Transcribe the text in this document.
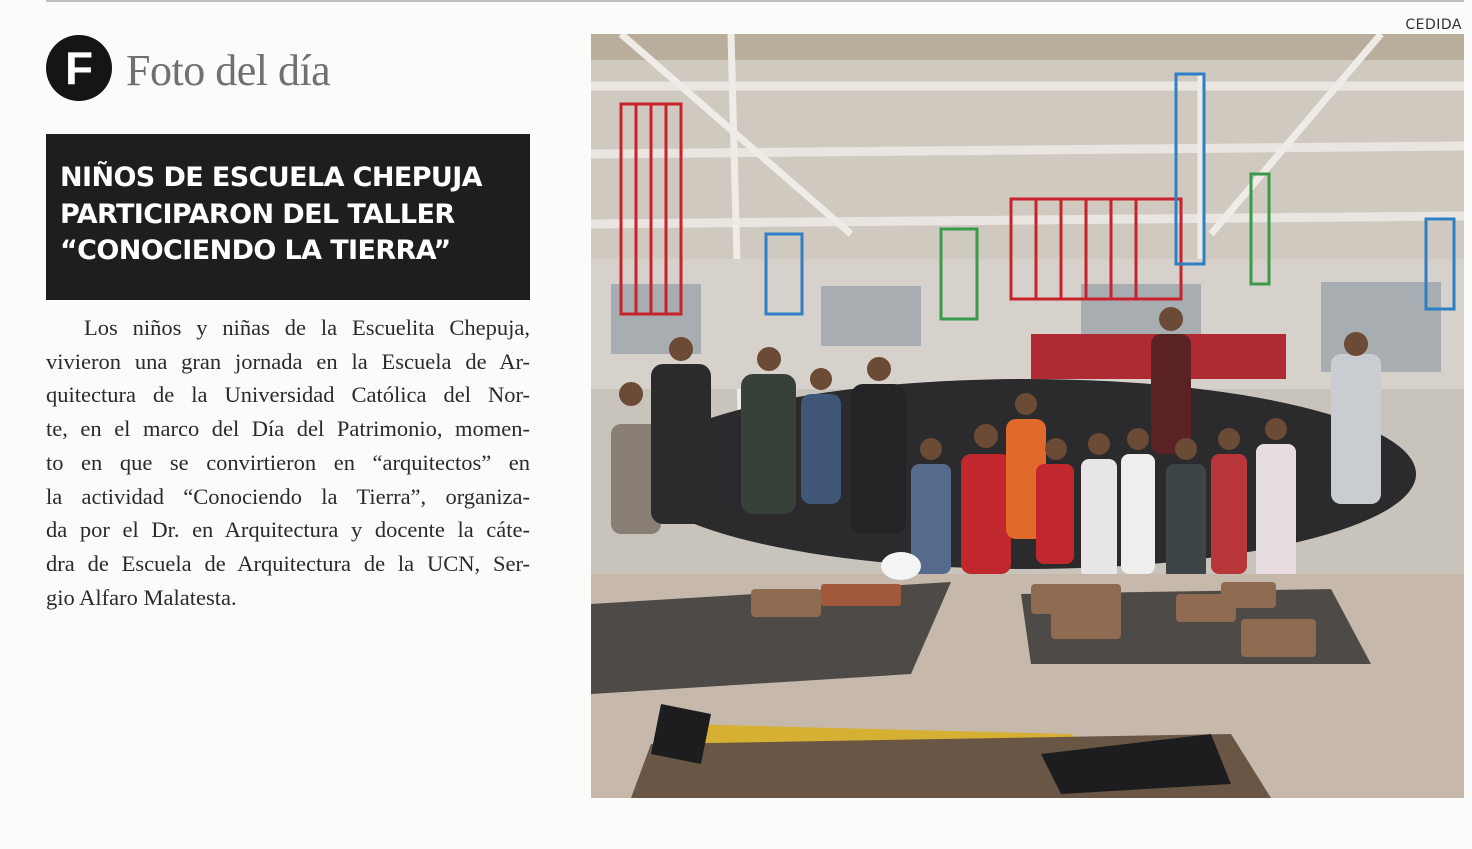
F Foto del día
NIÑOS DE ESCUELA CHEPUJA
PARTICIPARON DEL TALLER
“CONOCIENDO LA TIERRA”
Los niños y niñas de la Escuelita Chepuja,
vivieron una gran jornada en la Escuela de Ar-
quitectura de la Universidad Católica del Nor-
te, en el marco del Día del Patrimonio, momen-
to en que se convirtieron en “arquitectos” en
la actividad “Conociendo la Tierra”, organiza-
da por el Dr. en Arquitectura y docente la cáte-
dra de Escuela de Arquitectura de la UCN, Ser-
gio Alfaro Malatesta.
CEDIDA
